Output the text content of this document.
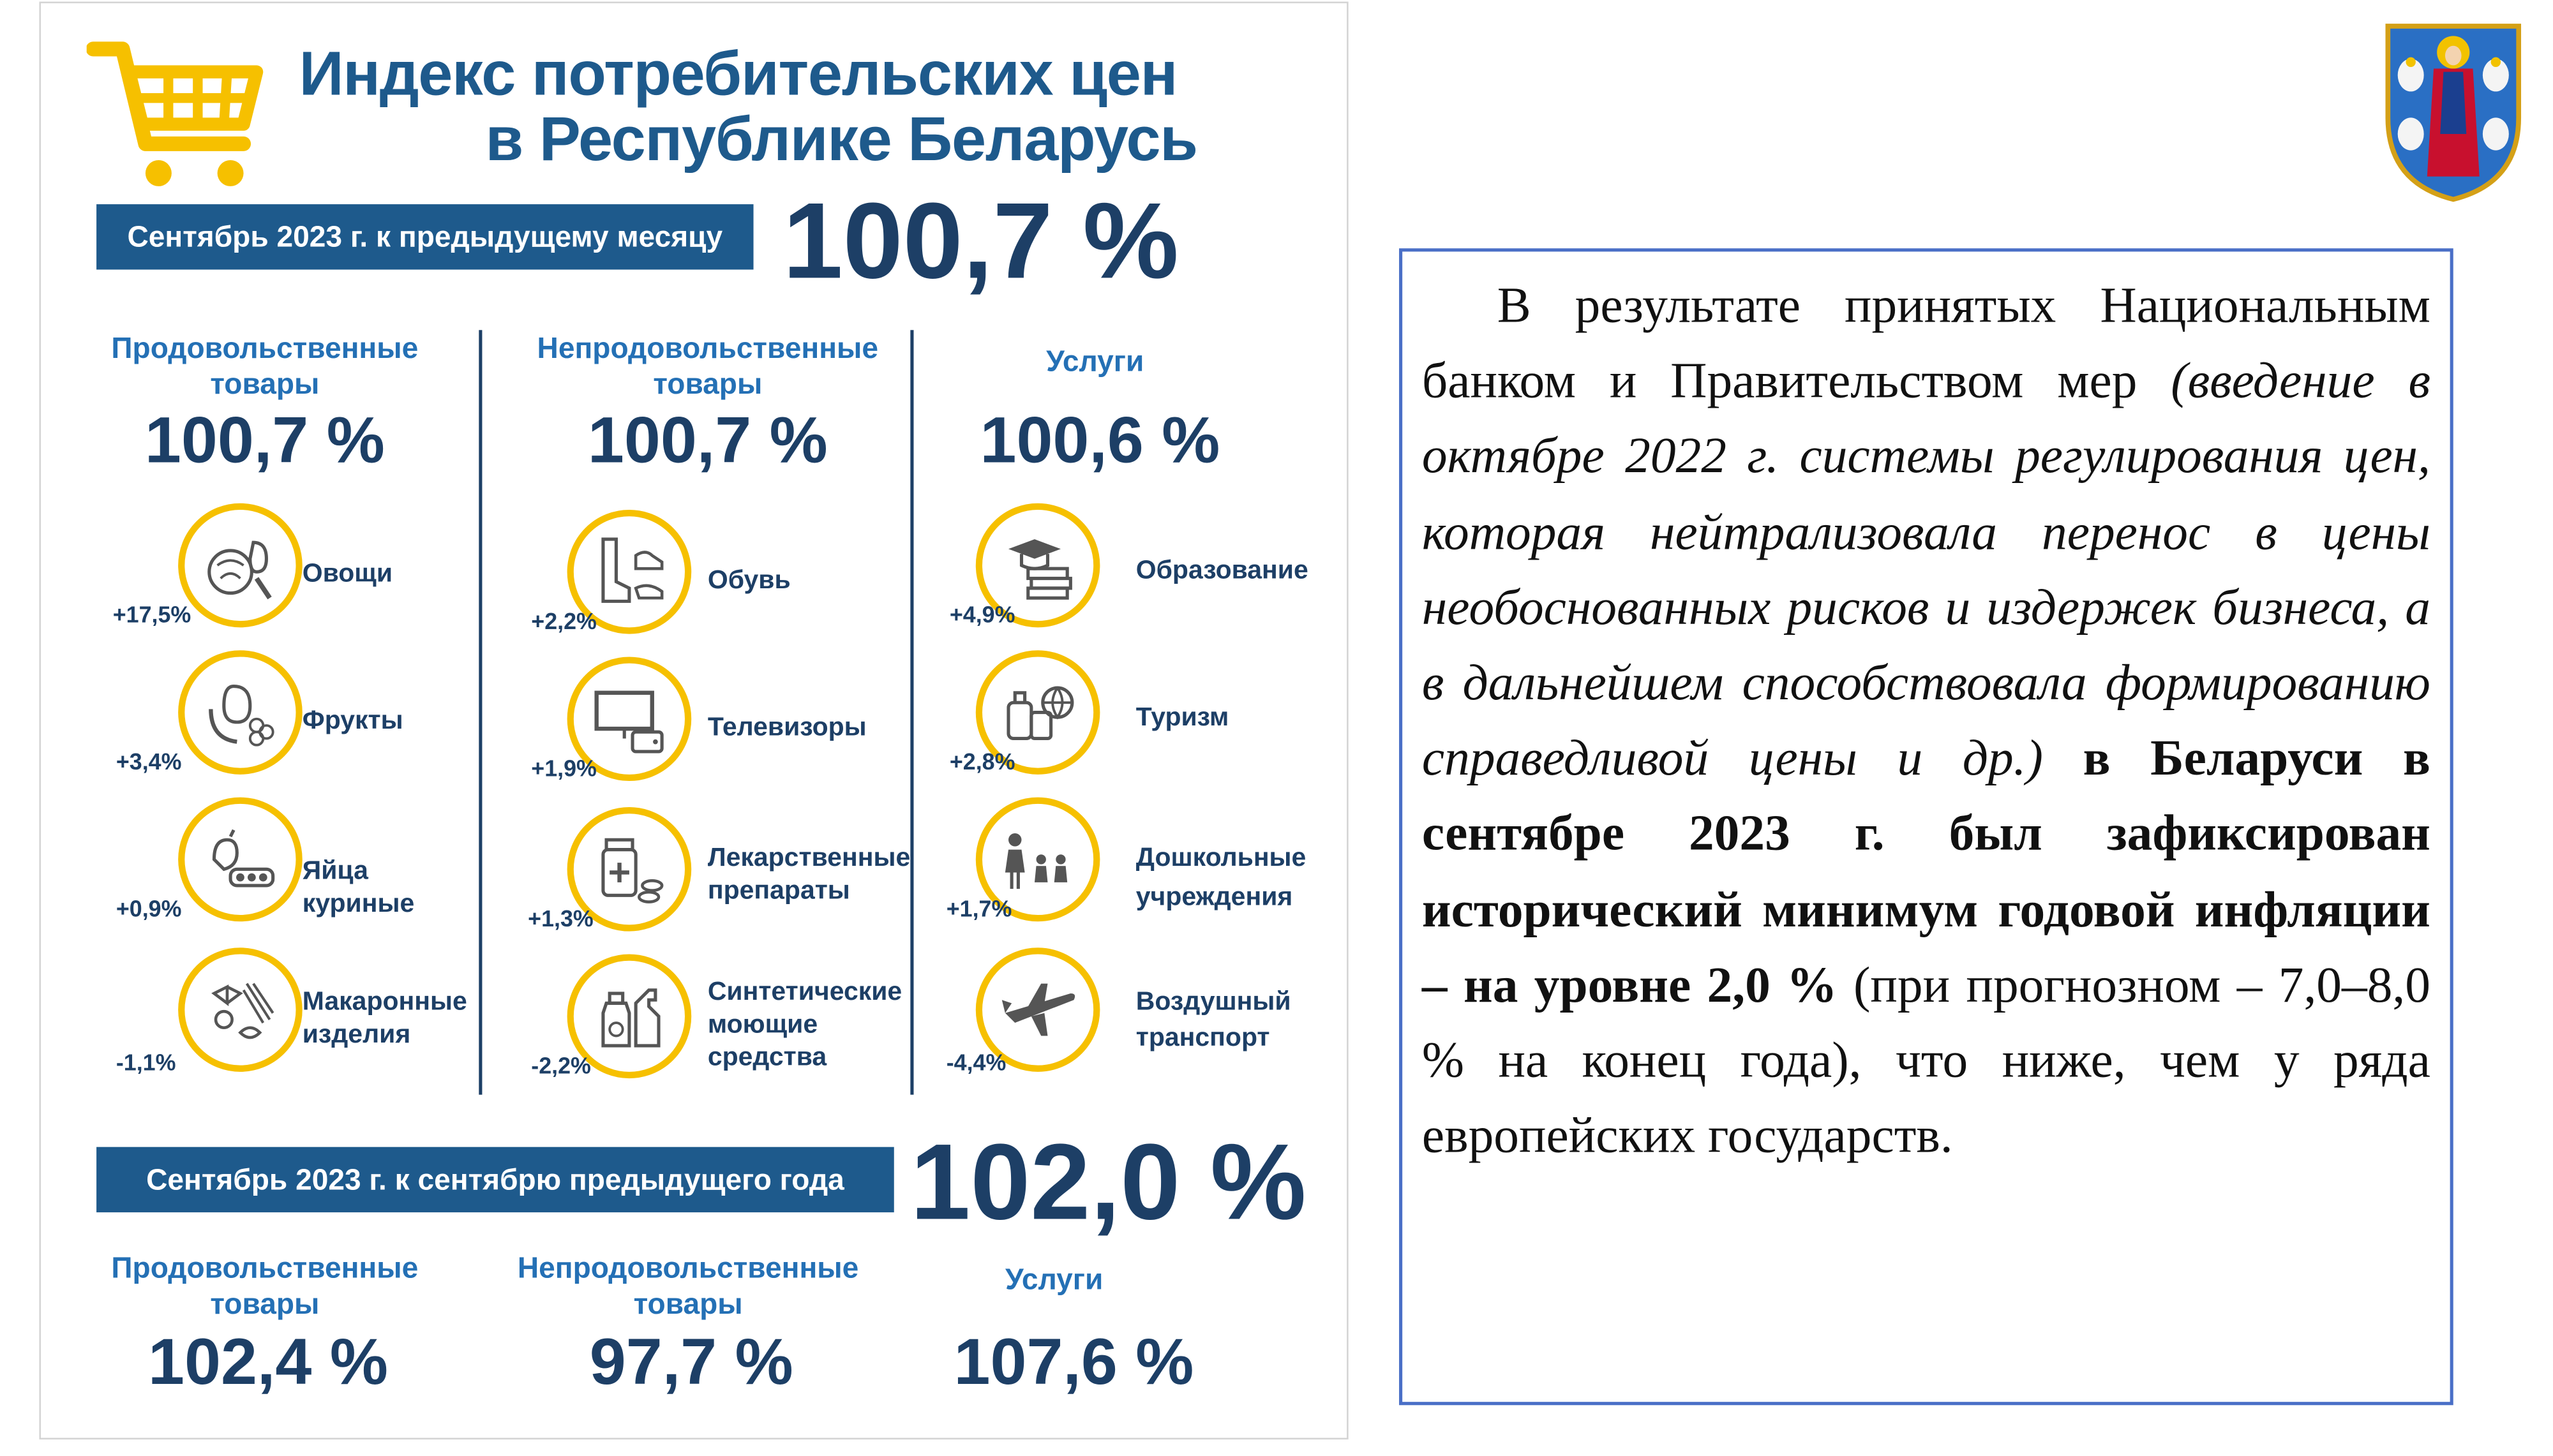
Индекс потребительских цен
в Республике Беларусь
Сентябрь 2023 г. к предыдущему месяцу	100,7 %
Продовольственные
товары
100,7 %
Непродовольственные
товары
100,7 %
Услуги
100,6 %
+17,5%
Овощи
+3,4%
Фрукты
+0,9%
Яйца
куриные
-1,1%
Макаронные
изделия
+2,2%
Обувь
+1,9%
Телевизоры
+1,3%
Лекарственные
препараты
-2,2%
Синтетические
моющие
средства
+4,9%
Образование
+2,8%
Туризм
+1,7%
Дошкольные
учреждения
-4,4%
Воздушный
транспорт
Сентябрь 2023 г. к сентябрю предыдущего года	102,0 %
Продовольственные
товары
102,4 %
Непродовольственные
товары
97,7 %
Услуги
107,6 %
В результате принятых Национальным банком и Правительством мер (введение в октябре 2022 г. системы регулирования цен, которая нейтрализовала перенос в цены необоснованных рисков и издержек бизнеса, а в дальнейшем способствовала формированию справедливой цены и др.) в Беларуси в сентябре 2023 г. был зафиксирован исторический минимум годовой инфляции – на уровне 2,0 % (при прогнозном – 7,0–8,0 % на конец года), что ниже, чем у ряда европейских государств.
